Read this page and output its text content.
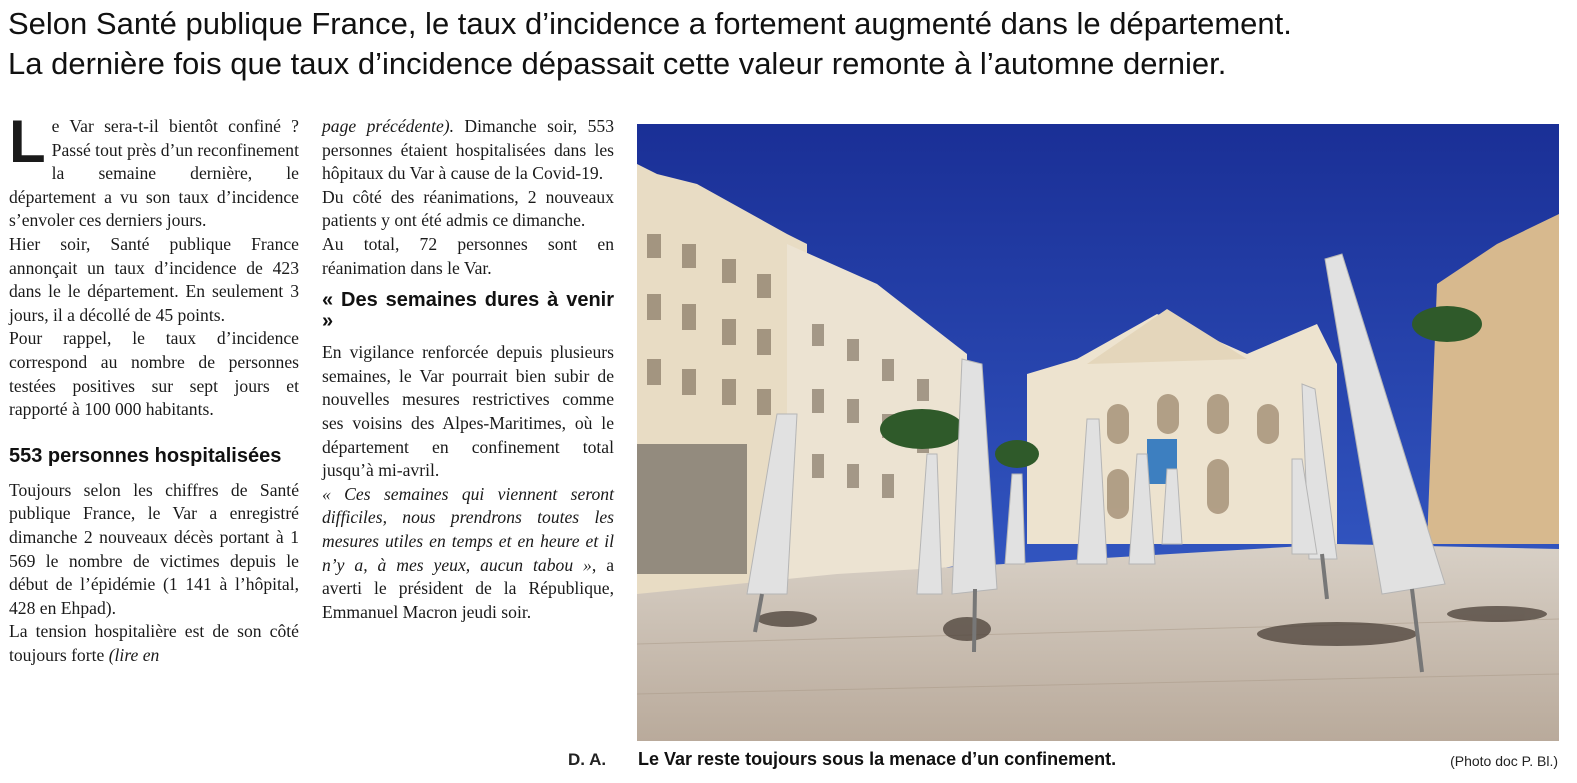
Selon Santé publique France, le taux d’incidence a fortement augmenté dans le département.
La dernière fois que taux d’incidence dépassait cette valeur remonte à l’automne dernier.

Le Var sera-t-il bientôt confiné ? Passé tout près d’un reconfinement la semaine dernière, le département a vu son taux d’incidence s’envoler ces derniers jours.

Hier soir, Santé publique France annonçait un taux d’incidence de 423 dans le le département. En seulement 3 jours, il a décollé de 45 points.

Pour rappel, le taux d’incidence correspond au nombre de personnes testées positives sur sept jours et rapporté à 100 000 habitants.

553 personnes hospitalisées

Toujours selon les chiffres de Santé publique France, le Var a enregistré dimanche 2 nouveaux décès portant à 1 569 le nombre de victimes depuis le début de l’épidémie (1 141 à l’hôpital, 428 en Ehpad).

La tension hospitalière est de son côté toujours forte (lire en

page précédente). Dimanche soir, 553 personnes étaient hospitalisées dans les hôpitaux du Var à cause de la Covid-19.

Du côté des réanimations, 2 nouveaux patients y ont été admis ce dimanche.

Au total, 72 personnes sont en réanimation dans le Var.

« Des semaines dures à venir »

En vigilance renforcée depuis plusieurs semaines, le Var pourrait bien subir de nouvelles mesures restrictives comme ses voisins des Alpes-Maritimes, où le département en confinement total jusqu’à mi-avril.

« Ces semaines qui viennent seront difficiles, nous prendrons toutes les mesures utiles en temps et en heure et il n’y a, à mes yeux, aucun tabou », a averti le président de la République, Emmanuel Macron jeudi soir.

D. A. Le Var reste toujours sous la menace d’un confinement.	(Photo doc P. Bl.)
